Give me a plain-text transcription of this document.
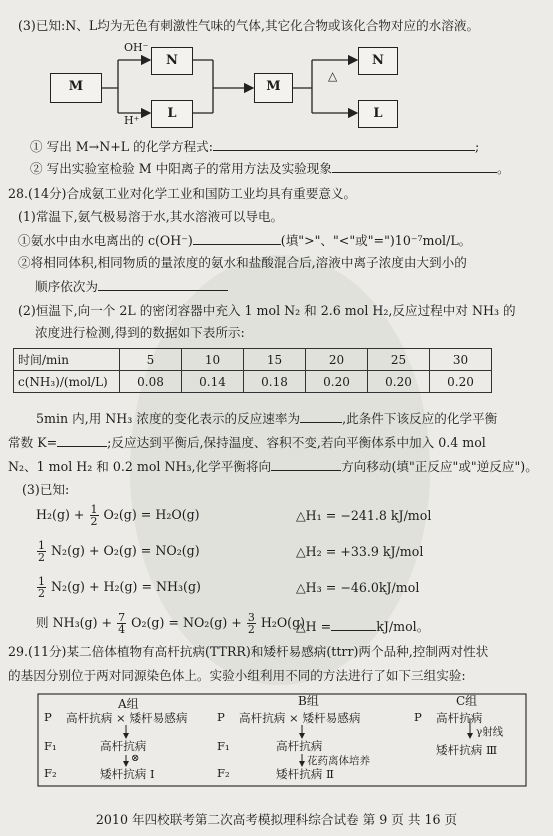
(3)已知:N、L均为无色有刺激性气味的气体,其它化合物或该化合物对应的水溶液。
M
N
L
M
N
L
OH⁻
H⁺
△
① 写出 M→N+L 的化学方程式:	;
② 写出实验室检验 M 中阳离子的常用方法及实验现象	。
28.(14分)合成氨工业对化学工业和国防工业均具有重要意义。
(1)常温下,氨气极易溶于水,其水溶液可以导电。
①氨水中由水电离出的 c(OH⁻)	(填">"、"<"或"=")10⁻⁷mol/L。
②将相同体积,相同物质的量浓度的氨水和盐酸混合后,溶液中离子浓度由大到小的
顺序依次为
(2)恒温下,向一个 2L 的密闭容器中充入 1 mol N₂ 和 2.6 mol H₂,反应过程中对 NH₃ 的
浓度进行检测,得到的数据如下表所示:
时间/min	5	10	15	20	25	30
c(NH₃)/(mol/L)	0.08	0.14	0.18	0.20	0.20	0.20
5min 内,用 NH₃ 浓度的变化表示的反应速率为	,此条件下该反应的化学平衡
常数 K=	;反应达到平衡后,保持温度、容积不变,若向平衡体系中加入 0.4 mol
N₂、1 mol H₂ 和 0.2 mol NH₃,化学平衡将向	方向移动(填"正反应"或"逆反应")。
(3)已知:
$H_2(g) + \frac{1}{2} O_2(g) = H_2O(g)$	△H₁ = −241.8 kJ/mol
$\frac{1}{2} N_2(g) + O_2(g) = NO_2(g)$	△H₂ = +33.9 kJ/mol
$\frac{1}{2} N_2(g) + H_2(g) = NH_3(g)$	△H₃ = −46.0kJ/mol
则 $NH_3(g) + \frac{7}{4} O_2(g) = NO_2(g) + \frac{3}{2} H_2O(g)$
△H =	kJ/mol。
29.(11分)某二倍体植物有高杆抗病(TTRR)和矮杆易感病(ttrr)两个品种,控制两对性状
的基因分别位于两对同源染色体上。实验小组利用不同的方法进行了如下三组实验:
A组	B组	C组
P 高杆抗病 × 矮杆易感病
F₁	高杆抗病
⊗
F₂	矮杆抗病 Ⅰ
P 高杆抗病 × 矮杆易感病
F₁	高杆抗病
花药离体培养
F₂	矮杆抗病 Ⅱ
P 高杆抗病
γ射线
矮杆抗病 Ⅲ
2010 年四校联考第二次高考模拟理科综合试卷 第 9 页 共 16 页
